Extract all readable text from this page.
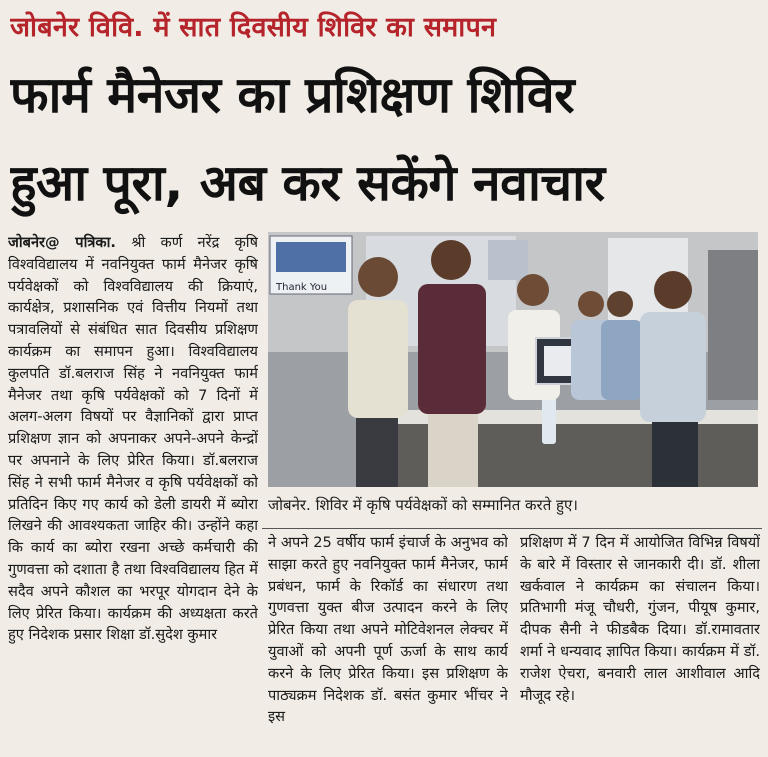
जोबनेर विवि. में सात दिवसीय शिविर का समापन
फार्म मैनेजर का प्रशिक्षण शिविर
हुआ पूरा, अब कर सकेंगे नवाचार

जोबनेर@ पत्रिका. श्री कर्ण नरेंद्र कृषि विश्वविद्यालय में नवनियुक्त फार्म मैनेजर कृषि पर्यवेक्षकों को विश्वविद्यालय की क्रियाएं, कार्यक्षेत्र, प्रशासनिक एवं वित्तीय नियमों तथा पत्रावलियों से संबंधित सात दिवसीय प्रशिक्षण कार्यक्रम का समापन हुआ। विश्वविद्यालय कुलपति डॉ.बलराज सिंह ने नवनियुक्त फार्म मैनेजर तथा कृषि पर्यवेक्षकों को 7 दिनों में अलग-अलग विषयों पर वैज्ञानिकों द्वारा प्राप्त प्रशिक्षण ज्ञान को अपनाकर अपने-अपने केन्द्रों पर अपनाने के लिए प्रेरित किया। डॉ.बलराज सिंह ने सभी फार्म मैनेजर व कृषि पर्यवेक्षकों को प्रतिदिन किए गए कार्य को डेली डायरी में ब्योरा लिखने की आवश्यकता जाहिर की। उन्होंने कहा कि कार्य का ब्योरा रखना अच्छे कर्मचारी की गुणवत्ता को दशाता है तथा विश्वविद्यालय हित में सदैव अपने कौशल का भरपूर योगदान देने के लिए प्रेरित किया। कार्यक्रम की अध्यक्षता करते हुए निदेशक प्रसार शिक्षा डॉ.सुदेश कुमार

Thank You
जोबनेर. शिविर में कृषि पर्यवेक्षकों को सम्मानित करते हुए।

ने अपने 25 वर्षीय फार्म इंचार्ज के अनुभव को साझा करते हुए नवनियुक्त फार्म मैनेजर, फार्म प्रबंधन, फार्म के रिकॉर्ड का संधारण तथा गुणवत्ता युक्त बीज उत्पादन करने के लिए प्रेरित किया तथा अपने मोटिवेशनल लेक्चर में युवाओं को अपनी पूर्ण ऊर्जा के साथ कार्य करने के लिए प्रेरित किया। इस प्रशिक्षण के पाठ्यक्रम निदेशक डॉ. बसंत कुमार भींचर ने इस

प्रशिक्षण में 7 दिन में आयोजित विभिन्न विषयों के बारे में विस्तार से जानकारी दी। डॉ. शीला खर्कवाल ने कार्यक्रम का संचालन किया। प्रतिभागी मंजू चौधरी, गुंजन, पीयूष कुमार, दीपक सैनी ने फीडबैक दिया। डॉ.रामावतार शर्मा ने धन्यवाद ज्ञापित किया। कार्यक्रम में डॉ. राजेश ऐचरा, बनवारी लाल आशीवाल आदि मौजूद रहे।
